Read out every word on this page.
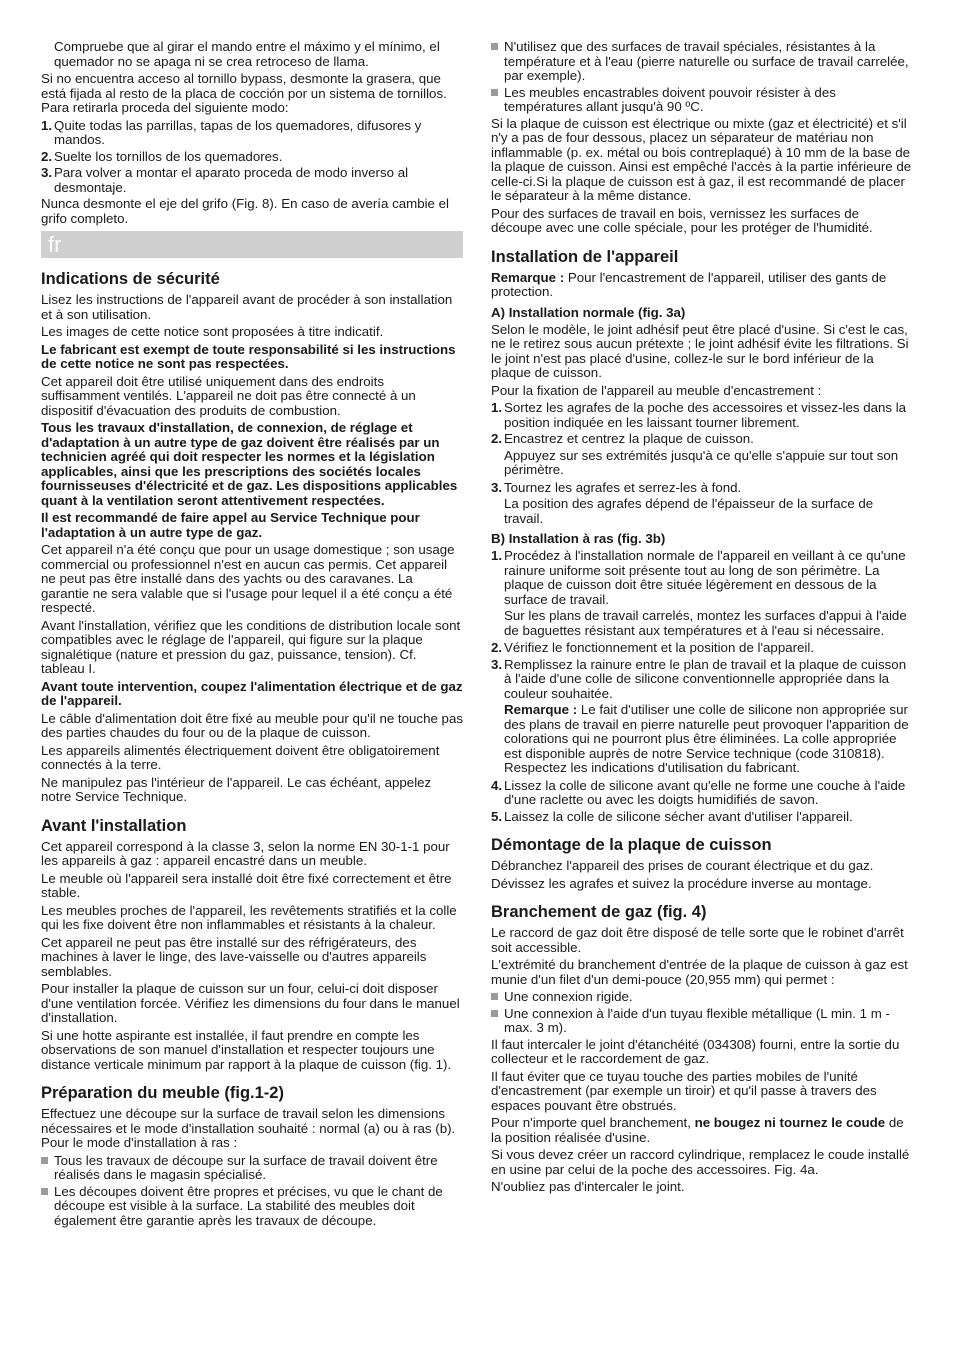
Compruebe que al girar el mando entre el máximo y el mínimo, el quemador no se apaga ni se crea retroceso de llama.

Si no encuentra acceso al tornillo bypass, desmonte la grasera, que está fijada al resto de la placa de cocción por un sistema de tornillos. Para retirarla proceda del siguiente modo:

1. Quite todas las parrillas, tapas de los quemadores, difusores y mandos.
2. Suelte los tornillos de los quemadores.
3. Para volver a montar el aparato proceda de modo inverso al desmontaje.

Nunca desmonte el eje del grifo (Fig. 8). En caso de avería cambie el grifo completo.

fr
Indications de sécurité

Lisez les instructions de l'appareil avant de procéder à son installation et à son utilisation.

Les images de cette notice sont proposées à titre indicatif.

Le fabricant est exempt de toute responsabilité si les instructions de cette notice ne sont pas respectées.

Cet appareil doit être utilisé uniquement dans des endroits suffisamment ventilés. L'appareil ne doit pas être connecté à un dispositif d'évacuation des produits de combustion.

Tous les travaux d'installation, de connexion, de réglage et d'adaptation à un autre type de gaz doivent être réalisés par un technicien agréé qui doit respecter les normes et la législation applicables, ainsi que les prescriptions des sociétés locales fournisseuses d'électricité et de gaz. Les dispositions applicables quant à la ventilation seront attentivement respectées.

Il est recommandé de faire appel au Service Technique pour l'adaptation à un autre type de gaz.

Cet appareil n'a été conçu que pour un usage domestique ; son usage commercial ou professionnel n'est en aucun cas permis. Cet appareil ne peut pas être installé dans des yachts ou des caravanes. La garantie ne sera valable que si l'usage pour lequel il a été conçu a été respecté.

Avant l'installation, vérifiez que les conditions de distribution locale sont compatibles avec le réglage de l'appareil, qui figure sur la plaque signalétique (nature et pression du gaz, puissance, tension). Cf. tableau I.

Avant toute intervention, coupez l'alimentation électrique et de gaz de l'appareil.

Le câble d'alimentation doit être fixé au meuble pour qu'il ne touche pas des parties chaudes du four ou de la plaque de cuisson.

Les appareils alimentés électriquement doivent être obligatoirement connectés à la terre.

Ne manipulez pas l'intérieur de l'appareil. Le cas échéant, appelez notre Service Technique.

Avant l'installation

Cet appareil correspond à la classe 3, selon la norme EN 30-1-1 pour les appareils à gaz : appareil encastré dans un meuble.

Le meuble où l'appareil sera installé doit être fixé correctement et être stable.

Les meubles proches de l'appareil, les revêtements stratifiés et la colle qui les fixe doivent être non inflammables et résistants à la chaleur.

Cet appareil ne peut pas être installé sur des réfrigérateurs, des machines à laver le linge, des lave-vaisselle ou d'autres appareils semblables.

Pour installer la plaque de cuisson sur un four, celui-ci doit disposer d'une ventilation forcée. Vérifiez les dimensions du four dans le manuel d'installation.

Si une hotte aspirante est installée, il faut prendre en compte les observations de son manuel d'installation et respecter toujours une distance verticale minimum par rapport à la plaque de cuisson (fig. 1).

Préparation du meuble (fig.1-2)

Effectuez une découpe sur la surface de travail selon les dimensions nécessaires et le mode d'installation souhaité : normal (a) ou à ras (b). Pour le mode d'installation à ras :

Tous les travaux de découpe sur la surface de travail doivent être réalisés dans le magasin spécialisé.
Les découpes doivent être propres et précises, vu que le chant de découpe est visible à la surface. La stabilité des meubles doit également être garantie après les travaux de découpe.
N'utilisez que des surfaces de travail spéciales, résistantes à la température et à l'eau (pierre naturelle ou surface de travail carrelée, par exemple).
Les meubles encastrables doivent pouvoir résister à des températures allant jusqu'à 90 ºC.

Si la plaque de cuisson est électrique ou mixte (gaz et électricité) et s'il n'y a pas de four dessous, placez un séparateur de matériau non inflammable (p. ex. métal ou bois contreplaqué) à 10 mm de la base de la plaque de cuisson. Ainsi est empêché l'accès à la partie inférieure de celle-ci.Si la plaque de cuisson est à gaz, il est recommandé de placer le séparateur à la même distance.

Pour des surfaces de travail en bois, vernissez les surfaces de découpe avec une colle spéciale, pour les protéger de l'humidité.

Installation de l'appareil

Remarque : Pour l'encastrement de l'appareil, utiliser des gants de protection.

A) Installation normale (fig. 3a)

Selon le modèle, le joint adhésif peut être placé d'usine. Si c'est le cas, ne le retirez sous aucun prétexte ; le joint adhésif évite les filtrations. Si le joint n'est pas placé d'usine, collez-le sur le bord inférieur de la plaque de cuisson.

Pour la fixation de l'appareil au meuble d'encastrement :

1. Sortez les agrafes de la poche des accessoires et vissez-les dans la position indiquée en les laissant tourner librement.
2. Encastrez et centrez la plaque de cuisson.

Appuyez sur ses extrémités jusqu'à ce qu'elle s'appuie sur tout son périmètre.

3. Tournez les agrafes et serrez-les à fond.

La position des agrafes dépend de l'épaisseur de la surface de travail.

B) Installation à ras (fig. 3b)
1. Procédez à l'installation normale de l'appareil en veillant à ce qu'une rainure uniforme soit présente tout au long de son périmètre. La plaque de cuisson doit être située légèrement en dessous de la surface de travail.

Sur les plans de travail carrelés, montez les surfaces d'appui à l'aide de baguettes résistant aux températures et à l'eau si nécessaire.

2. Vérifiez le fonctionnement et la position de l'appareil.
3. Remplissez la rainure entre le plan de travail et la plaque de cuisson à l'aide d'une colle de silicone conventionnelle appropriée dans la couleur souhaitée.

Remarque : Le fait d'utiliser une colle de silicone non appropriée sur des plans de travail en pierre naturelle peut provoquer l'apparition de colorations qui ne pourront plus être éliminées. La colle appropriée est disponible auprès de notre Service technique (code 310818). Respectez les indications d'utilisation du fabricant.

4. Lissez la colle de silicone avant qu'elle ne forme une couche à l'aide d'une raclette ou avec les doigts humidifiés de savon.
5. Laissez la colle de silicone sécher avant d'utiliser l'appareil.
Démontage de la plaque de cuisson

Débranchez l'appareil des prises de courant électrique et du gaz.

Dévissez les agrafes et suivez la procédure inverse au montage.

Branchement de gaz (fig. 4)

Le raccord de gaz doit être disposé de telle sorte que le robinet d'arrêt soit accessible.

L'extrémité du branchement d'entrée de la plaque de cuisson à gaz est munie d'un filet d'un demi-pouce (20,955 mm) qui permet :

Une connexion rigide.
Une connexion à l'aide d'un tuyau flexible métallique (L min. 1 m - max. 3 m).

Il faut intercaler le joint d'étanchéité (034308) fourni, entre la sortie du collecteur et le raccordement de gaz.

Il faut éviter que ce tuyau touche des parties mobiles de l'unité d'encastrement (par exemple un tiroir) et qu'il passe à travers des espaces pouvant être obstrués.

Pour n'importe quel branchement, ne bougez ni tournez le coude de la position réalisée d'usine.

Si vous devez créer un raccord cylindrique, remplacez le coude installé en usine par celui de la poche des accessoires. Fig. 4a.

N'oubliez pas d'intercaler le joint.
